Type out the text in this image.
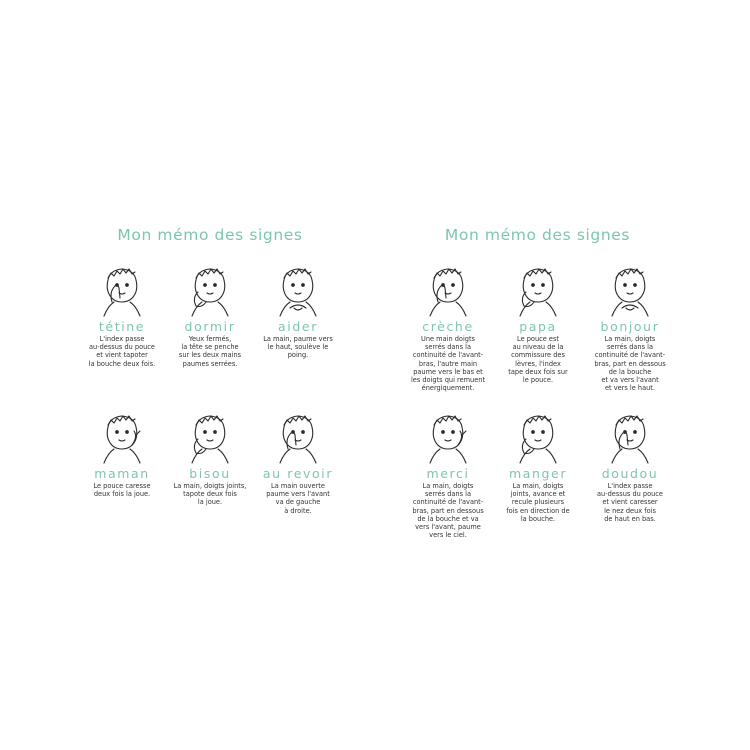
Mon mémo des signes
tétine
L'index passe
au-dessus du pouce
et vient tapoter
la bouche deux fois.
dormir
Yeux fermés,
la tête se penche
sur les deux mains
paumes serrées.
aider
La main, paume vers
le haut, soulève le
poing.
maman
Le pouce caresse
deux fois la joue.
bisou
La main, doigts joints,
tapote deux fois
la joue.
au revoir
La main ouverte
paume vers l'avant
va de gauche
à droite.
Mon mémo des signes
crèche
Une main doigts
serrés dans la
continuité de l'avant-
bras, l'autre main
paume vers le bas et
les doigts qui remuent
énergiquement.
papa
Le pouce est
au niveau de la
commissure des
lèvres, l'index
tape deux fois sur
le pouce.
bonjour
La main, doigts
serrés dans la
continuité de l'avant-
bras, part en dessous
de la bouche
et va vers l'avant
et vers le haut.
merci
La main, doigts
serrés dans la
continuité de l'avant-
bras, part en dessous
de la bouche et va
vers l'avant, paume
vers le ciel.
manger
La main, doigts
joints, avance et
recule plusieurs
fois en direction de
la bouche.
doudou
L'index passe
au-dessus du pouce
et vient caresser
le nez deux fois
de haut en bas.
